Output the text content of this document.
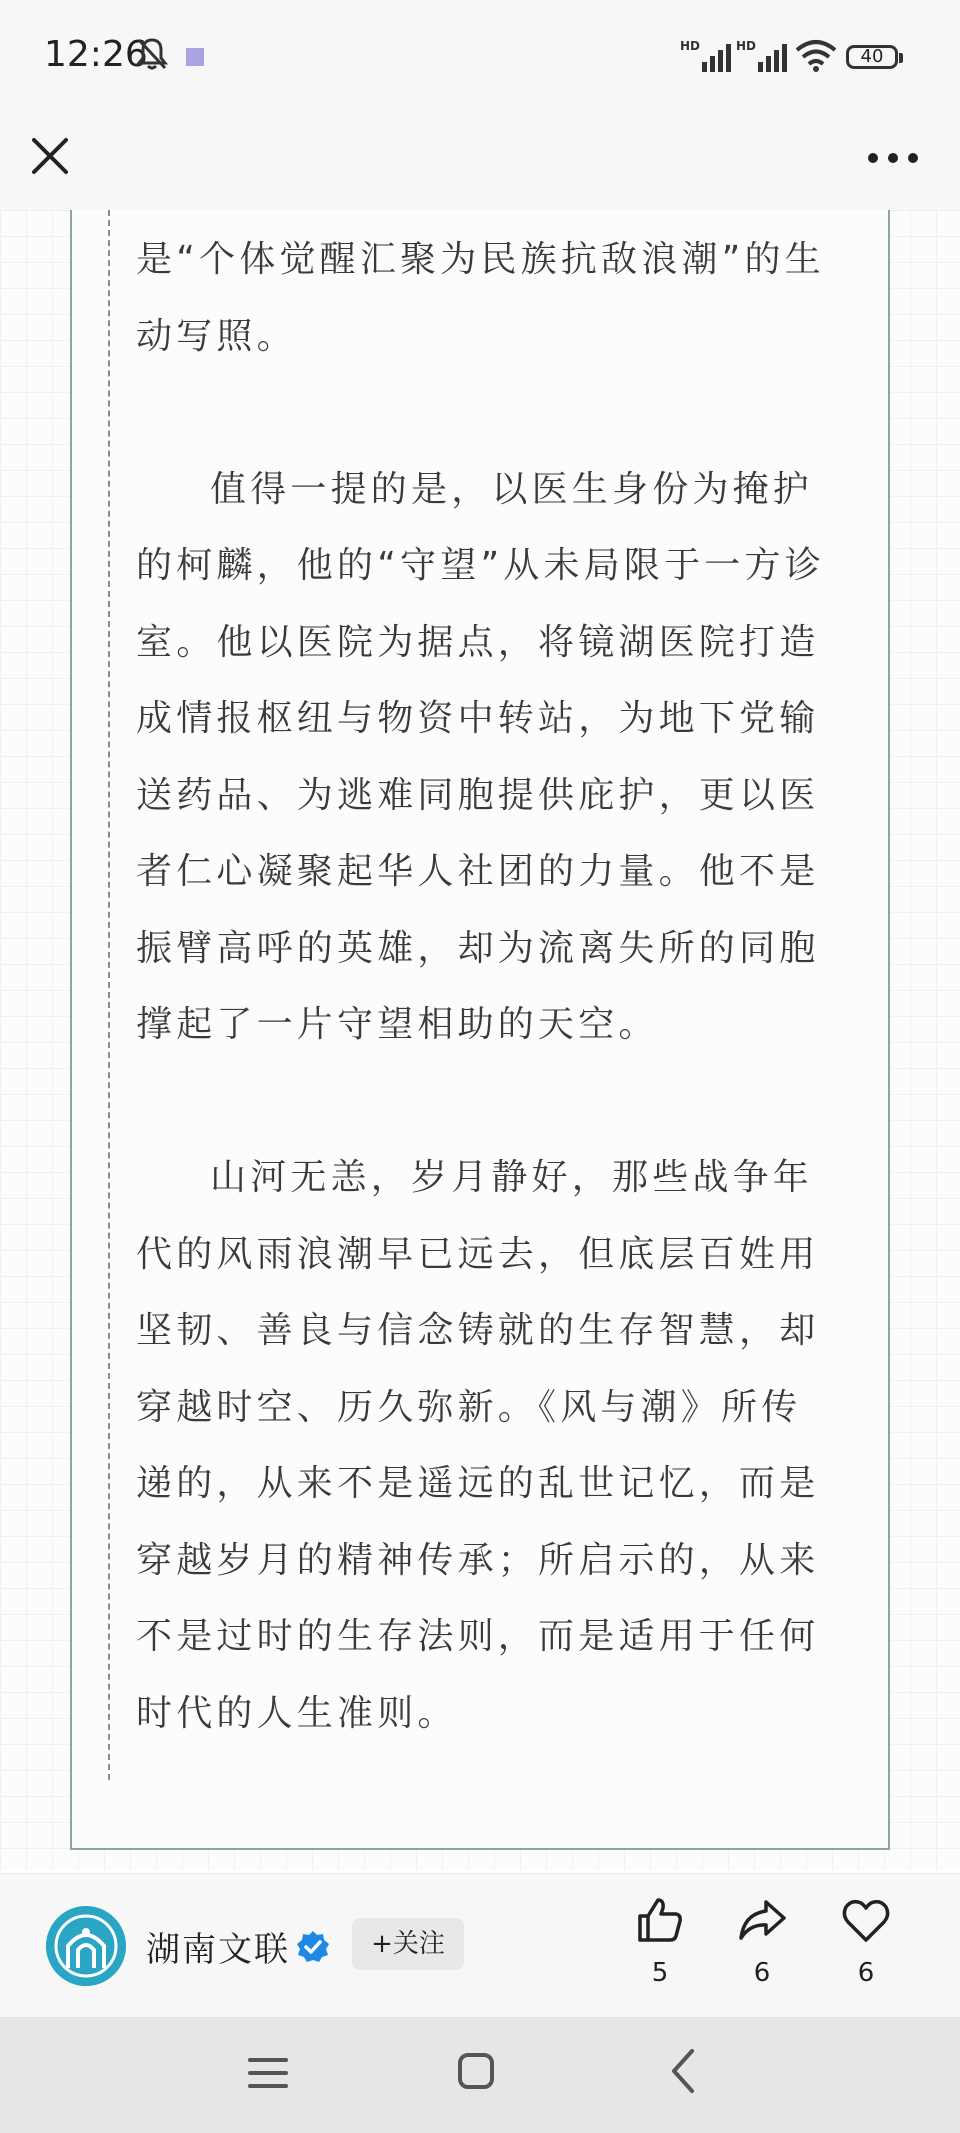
12:26	HD	HD	40
是“个体觉醒汇聚为民族抗敌浪潮”的生
动写照。
值得一提的是，以医生身份为掩护
的柯麟，他的“守望”从未局限于一方诊
室。他以医院为据点，将镜湖医院打造
成情报枢纽与物资中转站，为地下党输
送药品、为逃难同胞提供庇护，更以医
者仁心凝聚起华人社团的力量。他不是
振臂高呼的英雄，却为流离失所的同胞
撑起了一片守望相助的天空。
山河无恙，岁月静好，那些战争年
代的风雨浪潮早已远去，但底层百姓用
坚韧、善良与信念铸就的生存智慧，却
穿越时空、历久弥新。《风与潮》所传
递的，从来不是遥远的乱世记忆，而是
穿越岁月的精神传承；所启示的，从来
不是过时的生存法则，而是适用于任何
时代的人生准则。
湖南文联	+关注
5	6	6
